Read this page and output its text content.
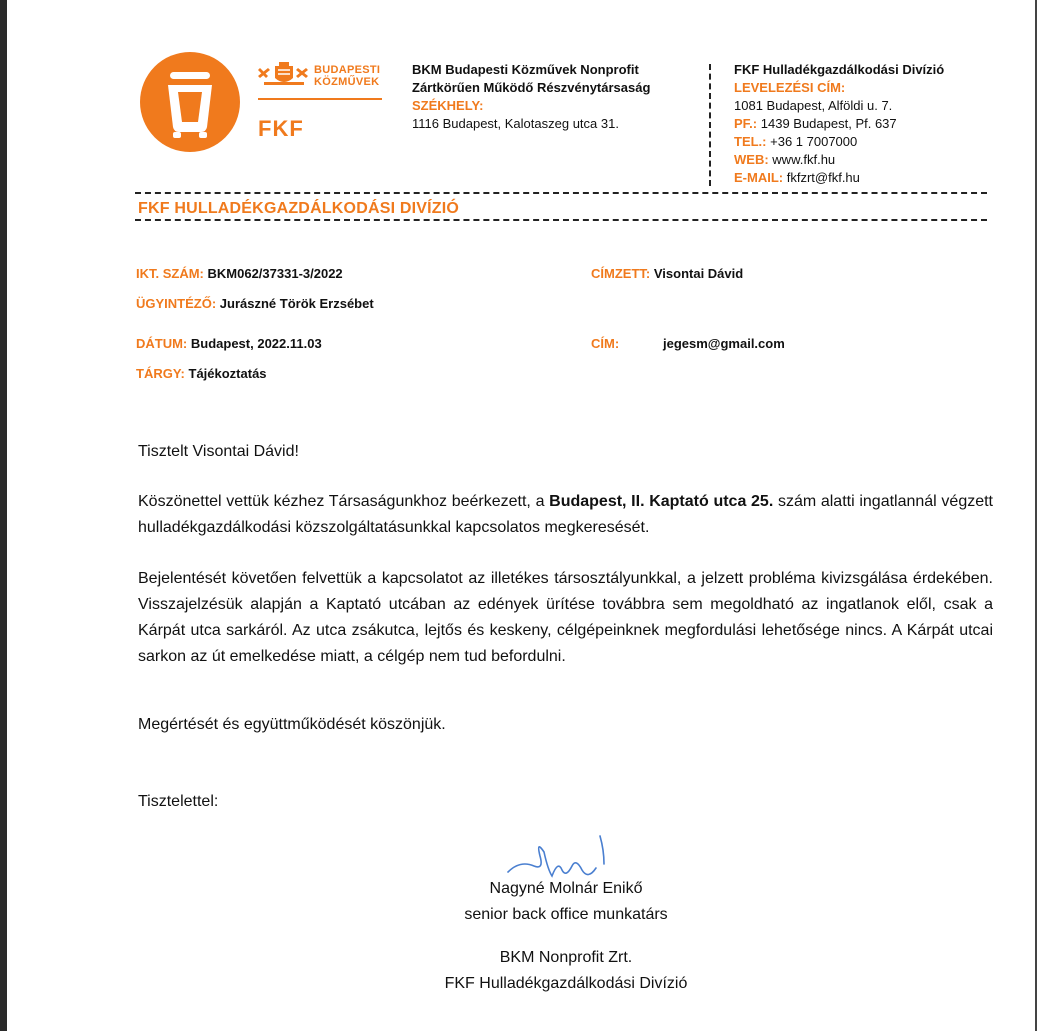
BUDAPESTI
KÖZMŰVEK
FKF
BKM Budapesti Közművek Nonprofit
Zártkörűen Működő Részvénytársaság
SZÉKHELY:
1116 Budapest, Kalotaszeg utca 31.
FKF Hulladékgazdálkodási Divízió
LEVELEZÉSI CÍM:
1081 Budapest, Alföldi u. 7.
PF.: 1439 Budapest, Pf. 637
TEL.: +36 1 7007000
WEB: www.fkf.hu
E-MAIL: fkfzrt@fkf.hu
FKF HULLADÉKGAZDÁLKODÁSI DIVÍZIÓ
IKT. SZÁM: BKM062/37331-3/2022
ÜGYINTÉZŐ: Jurászné Török Erzsébet
DÁTUM: Budapest, 2022.11.03
TÁRGY: Tájékoztatás
CÍMZETT: Visontai Dávid
CÍM:	jegesm@gmail.com
Tisztelt Visontai Dávid!
Köszönettel vettük kézhez Társaságunkhoz beérkezett, a Budapest, II. Kaptató utca 25. szám alatti ingatlannál végzett hulladékgazdálkodási közszolgáltatásunkkal kapcsolatos megkeresését.
Bejelentését követően felvettük a kapcsolatot az illetékes társosztályunkkal, a jelzett probléma kivizsgálása érdekében. Visszajelzésük alapján a Kaptató utcában az edények ürítése továbbra sem megoldható az ingatlanok elől, csak a Kárpát utca sarkáról. Az utca zsákutca, lejtős és keskeny, célgépeinknek megfordulási lehetősége nincs. A Kárpát utcai sarkon az út emelkedése miatt, a célgép nem tud befordulni.
Megértését és együttműködését köszönjük.
Tisztelettel:
Nagyné Molnár Enikő
senior back office munkatárs
BKM Nonprofit Zrt.
FKF Hulladékgazdálkodási Divízió
